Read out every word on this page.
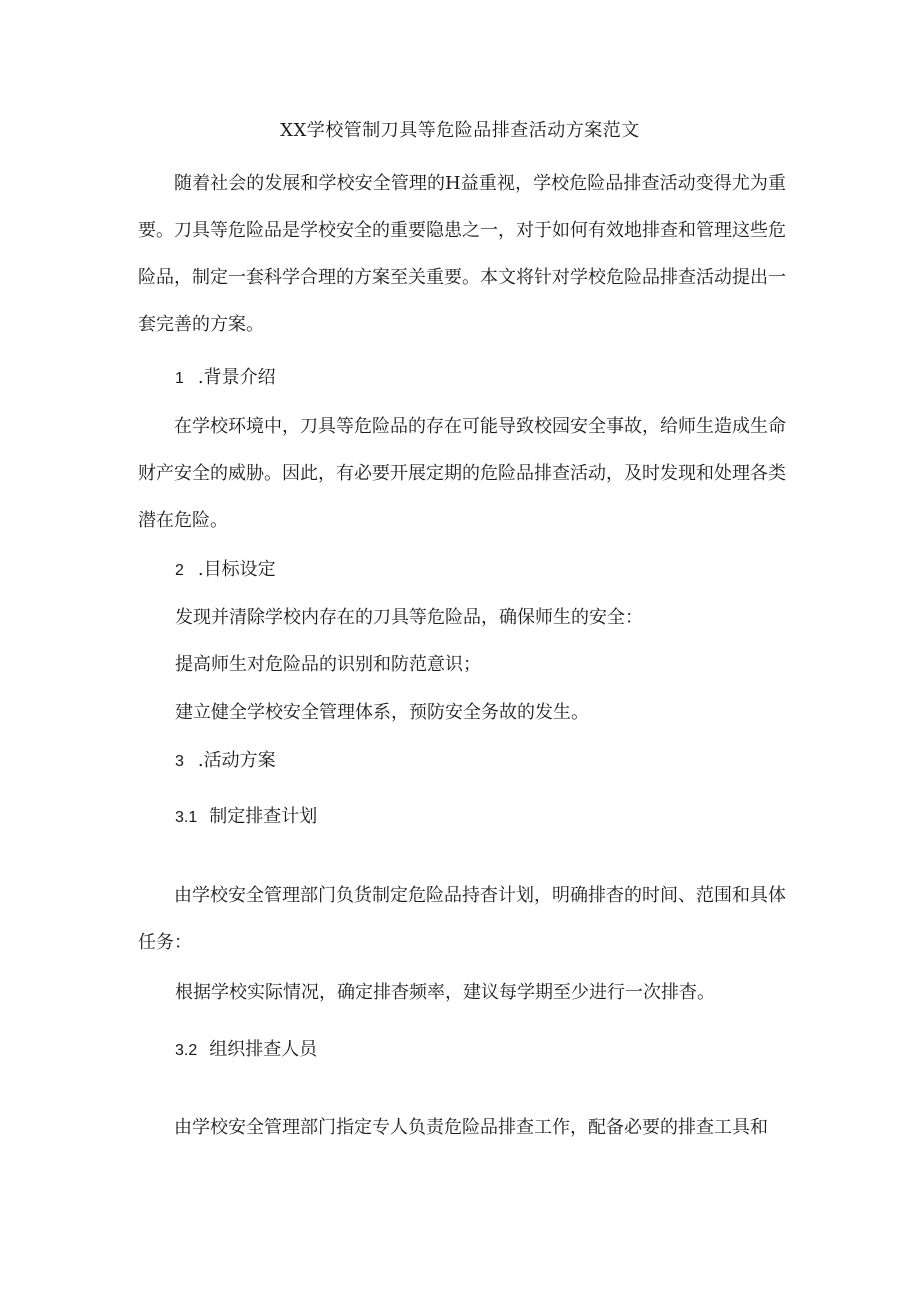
XX学校管制刀具等危险品排查活动方案范文

随着社会的发展和学校安全管理的H益重视，学校危险品排查活动变得尤为重要。刀具等危险品是学校安全的重要隐患之一，对于如何有效地排查和管理这些危险品，制定一套科学合理的方案至关重要。本文将针对学校危险品排查活动提出一套完善的方案。

1 .背景介绍

在学校环境中，刀具等危险品的存在可能导致校园安全事故，给师生造成生命财产安全的威胁。因此，有必要开展定期的危险品排查活动，及时发现和处理各类潜在危险。

2 .目标设定
发现并清除学校内存在的刀具等危险品，确保师生的安全：
提高师生对危险品的识别和防范意识；
建立健全学校安全管理体系，预防安全务故的发生。
3 .活动方案
3.1 制定排查计划

由学校安全管理部门负货制定危险品持杳计划，明确排杳的时间、范围和具体任务：

根据学校实际情况，确定排杳频率，建议每学期至少进行一次排杳。
3.2 组织排查人员

由学校安全管理部门指定专人负责危险品排查工作，配备必要的排查工具和
